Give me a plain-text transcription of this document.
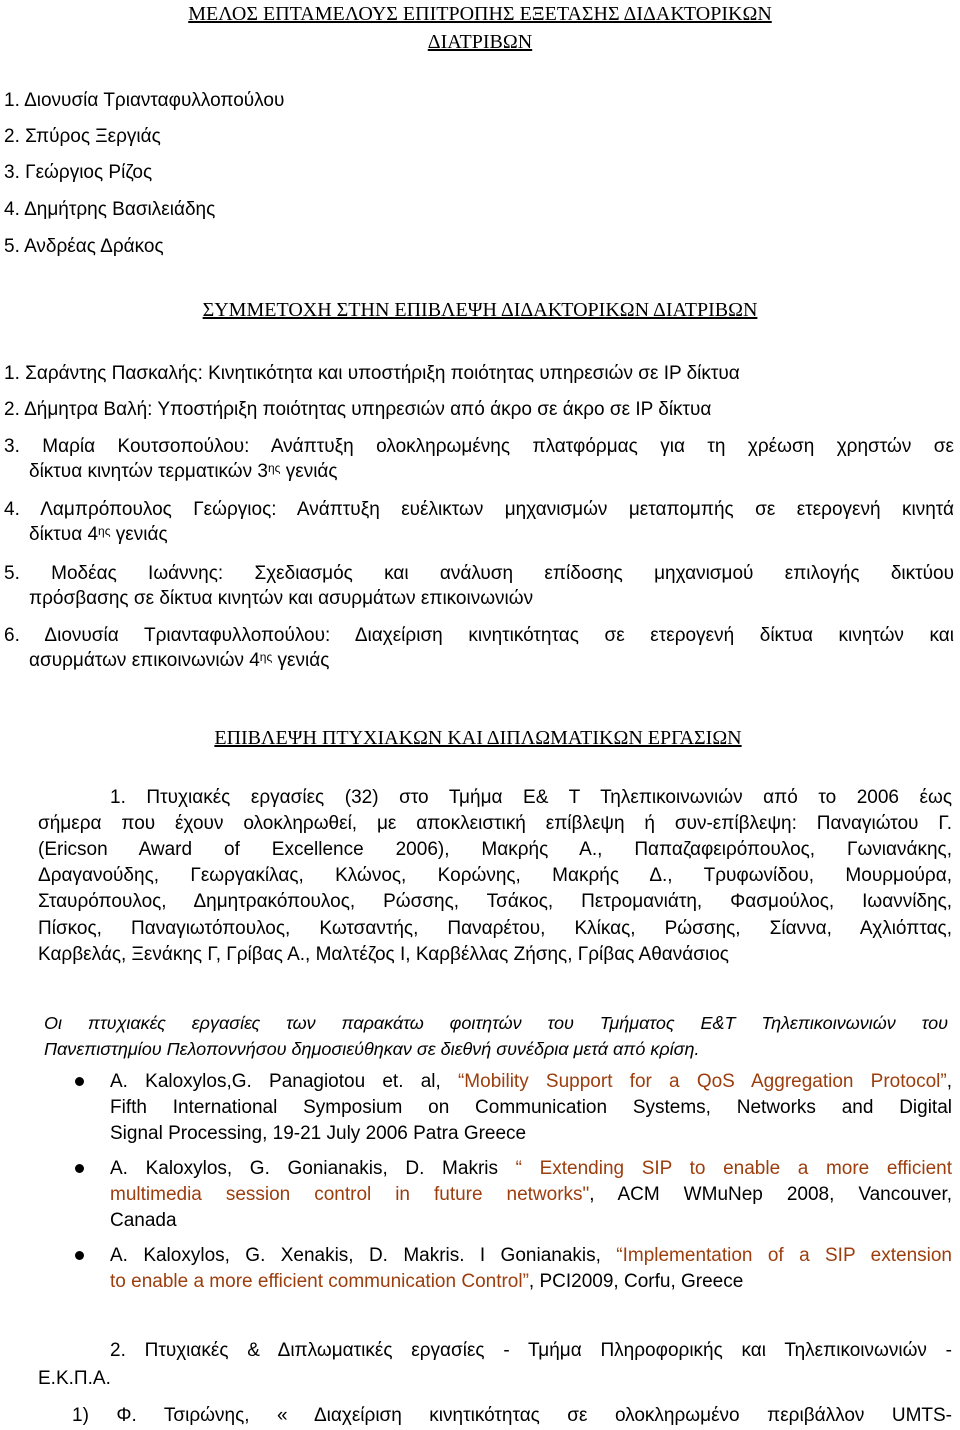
ΜΕΛΟΣ ΕΠΤΑΜΕΛΟΥΣ ΕΠΙΤΡΟΠΗΣ ΕΞΕΤΑΣΗΣ ΔΙΔΑΚΤΟΡΙΚΩΝ
ΔΙΑΤΡΙΒΩΝ
1. Διονυσία Τριανταφυλλοπούλου
2. Σπύρος Ξεργιάς
3. Γεώργιος Ρίζος
4. Δημήτρης Βασιλειάδης
5. Ανδρέας Δράκος
ΣΥΜΜΕΤΟΧΗ ΣΤΗΝ ΕΠΙΒΛΕΨΗ ΔΙΔΑΚΤΟΡΙΚΩΝ ΔΙΑΤΡΙΒΩΝ
1. Σαράντης Πασκαλής: Κινητικότητα και υποστήριξη ποιότητας υπηρεσιών σε IP δίκτυα
2. Δήμητρα Βαλή: Υποστήριξη ποιότητας υπηρεσιών από άκρο σε άκρο σε IP δίκτυα
3. Μαρία Κουτσοπούλου: Ανάπτυξη ολοκληρωμένης πλατφόρμας για τη χρέωση χρηστών σε
δίκτυα κινητών τερματικών $3^{\eta\varsigma}$ γενιάς
4. Λαμπρόπουλος Γεώργιος: Ανάπτυξη ευέλικτων μηχανισμών μεταπομπής σε ετερογενή κινητά
δίκτυα $4^{\eta\varsigma}$ γενιάς
5. Μοδέας Ιωάννης: Σχεδιασμός και ανάλυση επίδοσης μηχανισμού επιλογής δικτύου
πρόσβασης σε δίκτυα κινητών και ασυρμάτων επικοινωνιών
6. Διονυσία Τριανταφυλλοπούλου: Διαχείριση κινητικότητας σε ετερογενή δίκτυα κινητών και
ασυρμάτων επικοινωνιών $4^{\eta\varsigma}$ γενιάς
ΕΠΙΒΛΕΨΗ ΠΤΥΧΙΑΚΩΝ ΚΑΙ ΔΙΠΛΩΜΑΤΙΚΩΝ ΕΡΓΑΣΙΩΝ
1. Πτυχιακές εργασίες (32) στο Τμήμα Ε& Τ Τηλεπικοινωνιών από το 2006 έως
σήμερα που έχουν ολοκληρωθεί, με αποκλειστική επίβλεψη ή συν-επίβλεψη: Παναγιώτου Γ.
(Ericson Award of Excellence 2006), Μακρής Α., Παπαζαφειρόπουλος, Γωνιανάκης,
Δραγανούδης, Γεωργακίλας, Κλώνος, Κορώνης, Μακρής Δ., Τρυφωνίδου, Μουρμούρα,
Σταυρόπουλος, Δημητρακόπουλος, Ρώσσης, Τσάκος, Πετρομανιάτη, Φασμούλος, Ιωαννίδης,
Πίσκος, Παναγιωτόπουλος, Κωτσαντής, Παναρέτου, Κλίκας, Ρώσσης, Σίαννα, Αχλιόπτας,
Καρβελάς, Ξενάκης Γ, Γρίβας Α., Μαλτέζος Ι, Καρβέλλας Ζήσης, Γρίβας Αθανάσιος
Οι πτυχιακές εργασίες των παρακάτω φοιτητών του Τμήματος Ε&Τ Τηλεπικοινωνιών του
Πανεπιστημίου Πελοποννήσου δημοσιεύθηκαν σε διεθνή συνέδρια μετά από κρίση.
A. Kaloxylos,G. Panagiotou et. al, “Mobility Support for a QoS Aggregation Protocol”,
Fifth International Symposium on Communication Systems, Networks and Digital
Signal Processing, 19-21 July 2006 Patra Greece
A. Kaloxylos, G. Gonianakis, D. Makris “ Extending SIP to enable a more efficient
multimedia session control in future networks", ACM WMuNep 2008, Vancouver,
Canada
A. Kaloxylos, G. Xenakis, D. Makris. I Gonianakis, “Implementation of a SIP extension
to enable a more efficient communication Control”, PCI2009, Corfu, Greece
2. Πτυχιακές & Διπλωματικές εργασίες - Τμήμα Πληροφορικής και Τηλεπικοινωνιών -
Ε.Κ.Π.Α.
1) Φ. Τσιρώνης, « Διαχείριση κινητικότητας σε ολοκληρωμένο περιβάλλον UMTS-
